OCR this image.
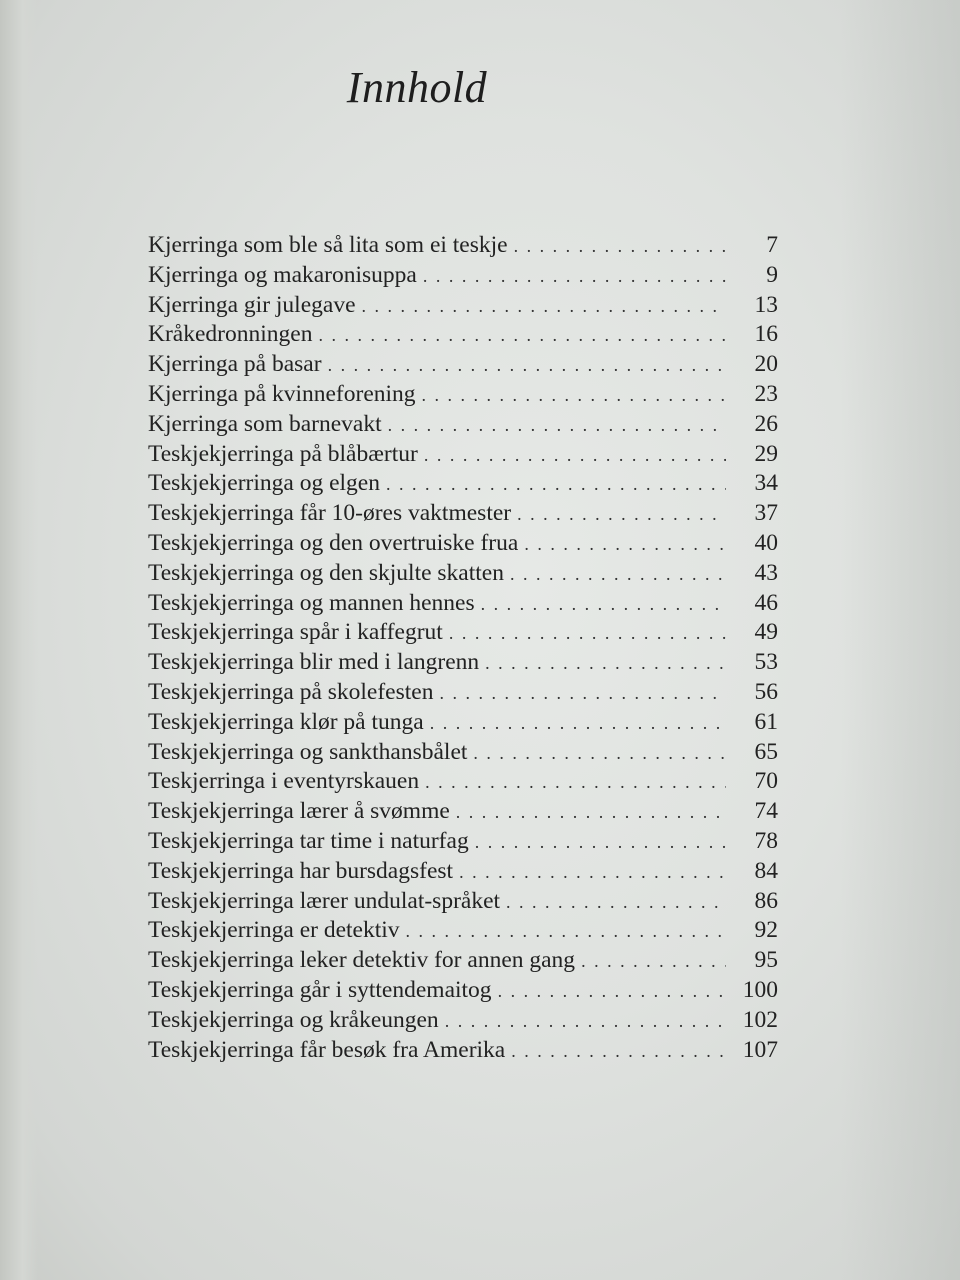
Innhold
Kjerringa som ble så lita som ei teskje . . .	7
Kjerringa og makaronisuppa . . .	9
Kjerringa gir julegave . . .	13
Kråkedronningen . . .	16
Kjerringa på basar . . .	20
Kjerringa på kvinneforening . . .	23
Kjerringa som barnevakt . . .	26
Teskjekjerringa på blåbærtur . . .	29
Teskjekjerringa og elgen . . .	34
Teskjekjerringa får 10-øres vaktmester . . .	37
Teskjekjerringa og den overtruiske frua . . .	40
Teskjekjerringa og den skjulte skatten . . .	43
Teskjekjerringa og mannen hennes . . .	46
Teskjekjerringa spår i kaffegrut . . .	49
Teskjekjerringa blir med i langrenn . . .	53
Teskjekjerringa på skolefesten . . .	56
Teskjekjerringa klør på tunga . . .	61
Teskjekjerringa og sankthansbålet . . .	65
Teskjerringa i eventyrskauen . . .	70
Teskjekjerringa lærer å svømme . . .	74
Teskjekjerringa tar time i naturfag . . .	78
Teskjekjerringa har bursdagsfest . . .	84
Teskjekjerringa lærer undulat-språket . . .	86
Teskjekjerringa er detektiv . . .	92
Teskjekjerringa leker detektiv for annen gang . . .	95
Teskjekjerringa går i syttendemaitog . . .	100
Teskjekjerringa og kråkeungen . . .	102
Teskjekjerringa får besøk fra Amerika . . .	107
